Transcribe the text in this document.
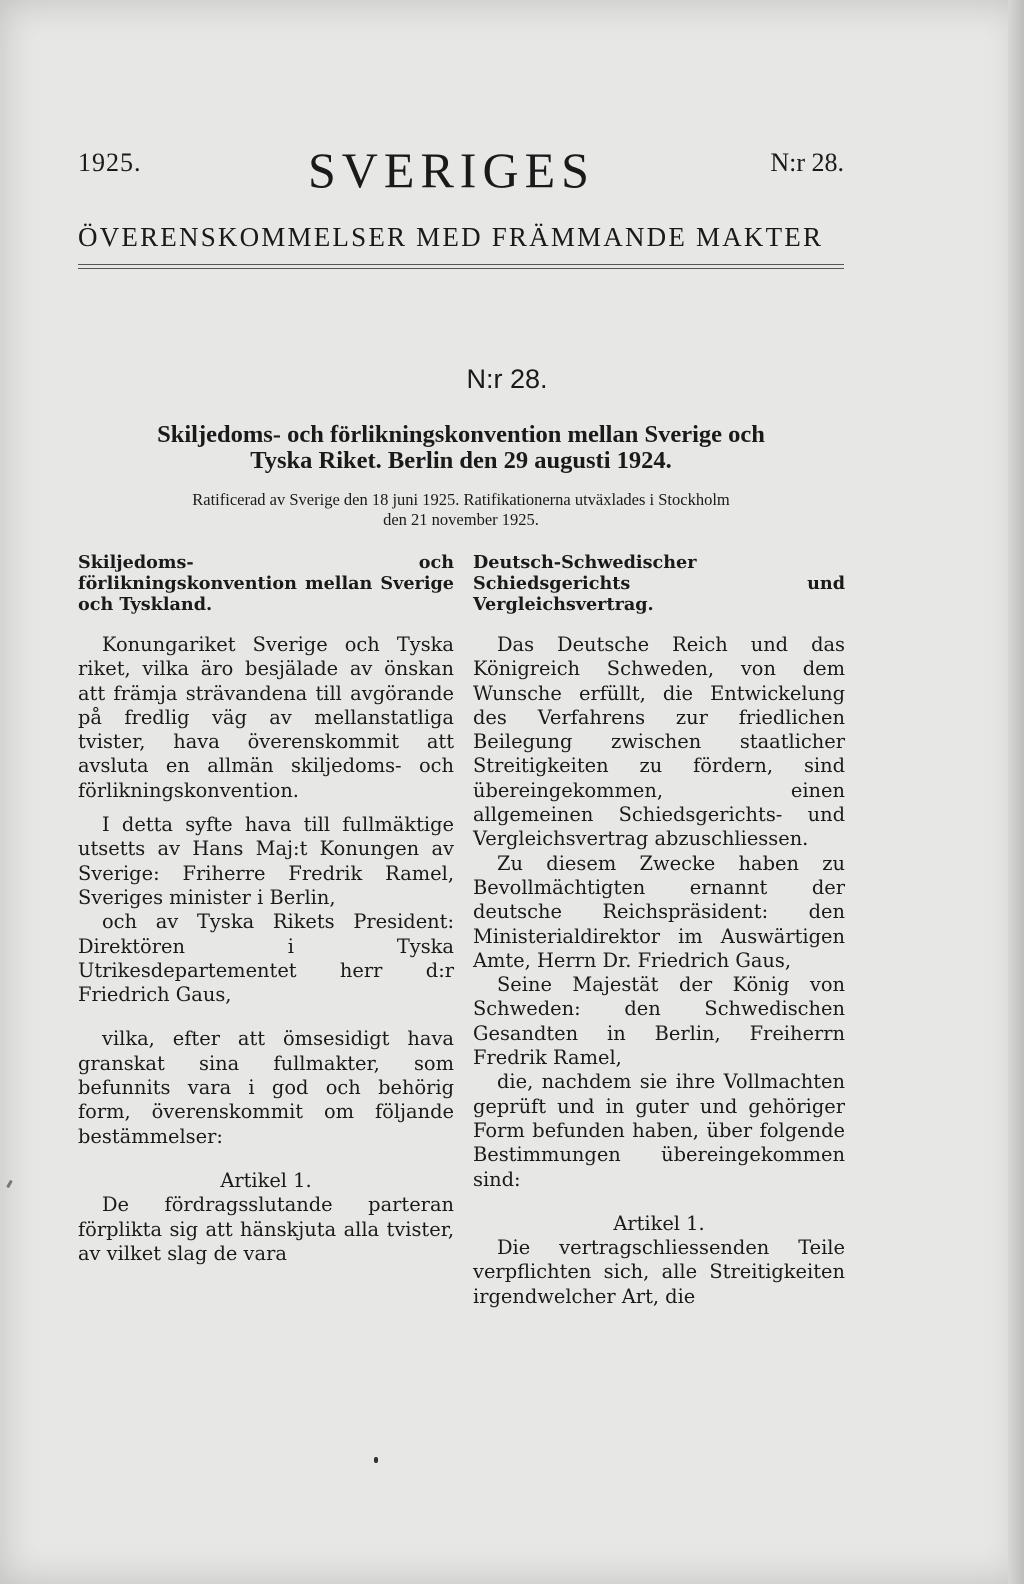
1925.	SVERIGES	N:r 28.
ÖVERENSKOMMELSER MED FRÄMMANDE MAKTER
N:r 28.
Skiljedoms- och förlikningskonvention mellan Sverige och
Tyska Riket. Berlin den 29 augusti 1924.
Ratificerad av Sverige den 18 juni 1925. Ratifikationerna utväxlades i Stockholm
den 21 november 1925.
Skiljedoms- och förlikningskonvention mellan Sverige och Tyskland.

Konungariket Sverige och Tyska riket, vilka äro besjälade av önskan att främja strävandena till avgörande på fredlig väg av mellanstatliga tvister, hava överenskommit att avsluta en allmän skiljedoms- och förlikningskonvention.

I detta syfte hava till fullmäktige utsetts av Hans Maj:t Konungen av Sverige: Friherre Fredrik Ramel, Sveriges minister i Berlin,

och av Tyska Rikets President: Direktören i Tyska Utrikesdepartementet herr d:r Friedrich Gaus,

vilka, efter att ömsesidigt hava granskat sina fullmakter, som befunnits vara i god och behörig form, överenskommit om följande bestämmelser:

Artikel 1.

De fördragsslutande parteran förplikta sig att hänskjuta alla tvister, av vilket slag de vara

Deutsch-Schwedischer Schiedsgerichts und Vergleichsvertrag.

Das Deutsche Reich und das Königreich Schweden, von dem Wunsche erfüllt, die Entwickelung des Verfahrens zur friedlichen Beilegung zwischen staatlicher Streitigkeiten zu fördern, sind übereingekommen, einen allgemeinen Schiedsgerichts- und Vergleichsvertrag abzuschliessen.

Zu diesem Zwecke haben zu Bevollmächtigten ernannt der deutsche Reichspräsident: den Ministerialdirektor im Auswärtigen Amte, Herrn Dr. Friedrich Gaus,

Seine Majestät der König von Schweden: den Schwedischen Gesandten in Berlin, Freiherrn Fredrik Ramel,

die, nachdem sie ihre Vollmachten geprüft und in guter und gehöriger Form befunden haben, über folgende Bestimmungen übereingekommen sind:

Artikel 1.

Die vertragschliessenden Teile verpflichten sich, alle Streitigkeiten irgendwelcher Art, die
